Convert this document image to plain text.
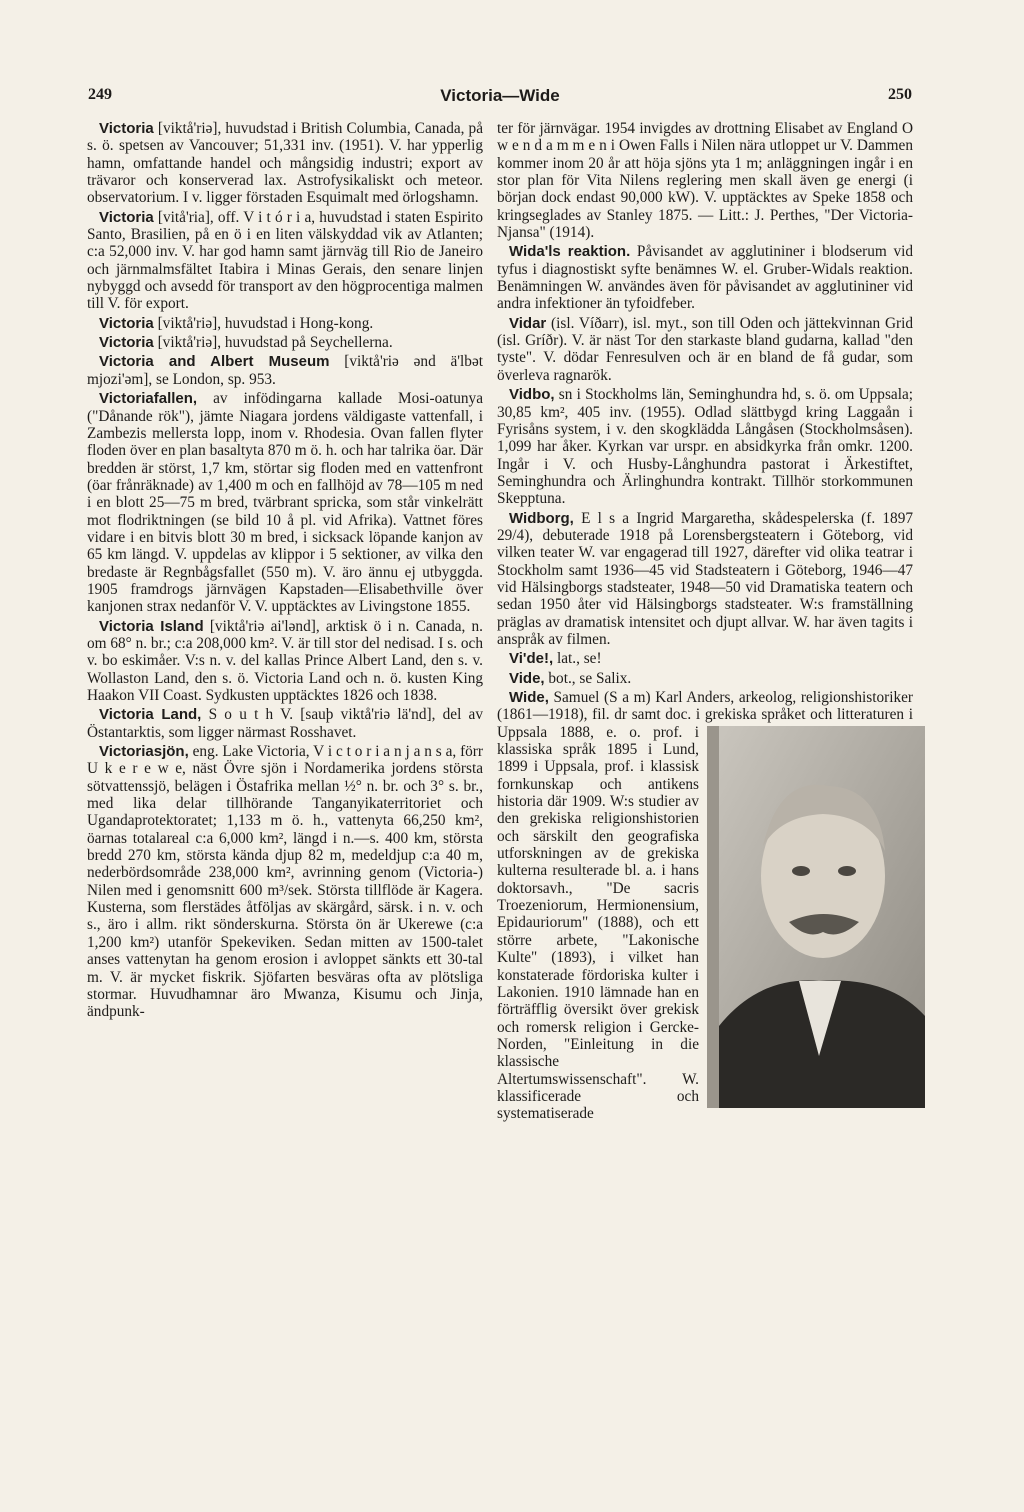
249	Victoria—Wide	250

Victoria [viktå'riə], huvudstad i British Columbia, Canada, på s. ö. spetsen av Vancouver; 51,331 inv. (1951). V. har ypperlig hamn, omfattande handel och mångsidig industri; export av trävaror och konserverad lax. Astrofysikaliskt och meteor. observatorium. I v. ligger förstaden Esquimalt med örlogshamn.

Victoria [vitå'ria], off. V i t ó r i a, huvudstad i staten Espirito Santo, Brasilien, på en ö i en liten välskyddad vik av Atlanten; c:a 52,000 inv. V. har god hamn samt järnväg till Rio de Janeiro och järnmalmsfältet Itabira i Minas Gerais, den senare linjen nybyggd och avsedd för transport av den högprocentiga malmen till V. för export.

Victoria [viktå'riə], huvudstad i Hong-kong.

Victoria [viktå'riə], huvudstad på Seychellerna.

Victoria and Albert Museum [viktå'riə ənd ä'lbət mjozi'əm], se London, sp. 953.

Victoriafallen, av infödingarna kallade Mosi-oatunya ("Dånande rök"), jämte Niagara jordens väldigaste vattenfall, i Zambezis mellersta lopp, inom v. Rhodesia. Ovan fallen flyter floden över en plan basaltyta 870 m ö. h. och har talrika öar. Där bredden är störst, 1,7 km, störtar sig floden med en vattenfront (öar frånräknade) av 1,400 m och en fallhöjd av 78—105 m ned i en blott 25—75 m bred, tvärbrant spricka, som står vinkelrätt mot flodriktningen (se bild 10 å pl. vid Afrika). Vattnet föres vidare i en bitvis blott 30 m bred, i sicksack löpande kanjon av 65 km längd. V. uppdelas av klippor i 5 sektioner, av vilka den bredaste är Regnbågsfallet (550 m). V. äro ännu ej utbyggda. 1905 framdrogs järnvägen Kapstaden—Elisabethville över kanjonen strax nedanför V. V. upptäcktes av Livingstone 1855.

Victoria Island [viktå'riə ai'lənd], arktisk ö i n. Canada, n. om 68° n. br.; c:a 208,000 km². V. är till stor del nedisad. I s. och v. bo eskimåer. V:s n. v. del kallas Prince Albert Land, den s. v. Wollaston Land, den s. ö. Victoria Land och n. ö. kusten King Haakon VII Coast. Sydkusten upptäcktes 1826 och 1838.

Victoria Land, S o u t h V. [sauþ viktå'riə lä'nd], del av Östantarktis, som ligger närmast Rosshavet.

Victoriasjön, eng. Lake Victoria, V i c t o r i a n j a n s a, förr U k e r e w e, näst Övre sjön i Nordamerika jordens största sötvattenssjö, belägen i Östafrika mellan ½° n. br. och 3° s. br., med lika delar tillhörande Tanganyikaterritoriet och Ugandaprotektoratet; 1,133 m ö. h., vattenyta 66,250 km², öarnas totalareal c:a 6,000 km², längd i n.—s. 400 km, största bredd 270 km, största kända djup 82 m, medeldjup c:a 40 m, nederbördsområde 238,000 km², avrinning genom (Victoria-) Nilen med i genomsnitt 600 m³/sek. Största tillflöde är Kagera. Kusterna, som flerstädes åtföljas av skärgård, särsk. i n. v. och s., äro i allm. rikt sönderskurna. Största ön är Ukerewe (c:a 1,200 km²) utanför Spekeviken. Sedan mitten av 1500-talet anses vattenytan ha genom erosion i avloppet sänkts ett 30-tal m. V. är mycket fiskrik. Sjöfarten besväras ofta av plötsliga stormar. Huvudhamnar äro Mwanza, Kisumu och Jinja, ändpunk-

ter för järnvägar. 1954 invigdes av drottning Elisabet av England O w e n d a m m e n i Owen Falls i Nilen nära utloppet ur V. Dammen kommer inom 20 år att höja sjöns yta 1 m; anläggningen ingår i en stor plan för Vita Nilens reglering men skall även ge energi (i början dock endast 90,000 kW). V. upptäcktes av Speke 1858 och kringseglades av Stanley 1875. — Litt.: J. Perthes, "Der Victoria-Njansa" (1914).

Wida'ls reaktion. Påvisandet av agglutininer i blodserum vid tyfus i diagnostiskt syfte benämnes W. el. Gruber-Widals reaktion. Benämningen W. användes även för påvisandet av agglutininer vid andra infektioner än tyfoidfeber.

Vidar (isl. Víðarr), isl. myt., son till Oden och jättekvinnan Grid (isl. Gríðr). V. är näst Tor den starkaste bland gudarna, kallad "den tyste". V. dödar Fenresulven och är en bland de få gudar, som överleva ragnarök.

Vidbo, sn i Stockholms län, Seminghundra hd, s. ö. om Uppsala; 30,85 km², 405 inv. (1955). Odlad slättbygd kring Laggaån i Fyrisåns system, i v. den skogklädda Långåsen (Stockholmsåsen). 1,099 har åker. Kyrkan var urspr. en absidkyrka från omkr. 1200. Ingår i V. och Husby-Långhundra pastorat i Ärkestiftet, Seminghundra och Ärlinghundra kontrakt. Tillhör storkommunen Skepptuna.

Widborg, E l s a Ingrid Margaretha, skådespelerska (f. 1897 29/4), debuterade 1918 på Lorensbergsteatern i Göteborg, vid vilken teater W. var engagerad till 1927, därefter vid olika teatrar i Stockholm samt 1936—45 vid Stadsteatern i Göteborg, 1946—47 vid Hälsingborgs stadsteater, 1948—50 vid Dramatiska teatern och sedan 1950 åter vid Hälsingborgs stadsteater. W:s framställning präglas av dramatisk intensitet och djupt allvar. W. har även tagits i anspråk av filmen.

Vi'de!, lat., se!

Vide, bot., se Salix.

Wide, Samuel (S a m) Karl Anders, arkeolog, religionshistoriker (1861—1918), fil. dr samt doc. i grekiska språket och litteraturen i Uppsala 1888,
e. o. prof. i klassiska språk 1895 i Lund, 1899 i Uppsala, prof. i klassisk fornkunskap och antikens historia där 1909. W:s studier av den grekiska religionshistorien och särskilt den geografiska utforskningen av de grekiska kulterna resulterade bl. a. i hans doktorsavh., "De sacris Troezeniorum, Hermionensium, Epidauriorum" (1888), och ett större arbete, "Lakonische Kulte" (1893), i vilket han konstaterade fördoriska kulter i Lakonien. 1910 lämnade han en förträfflig översikt över grekisk och romersk religion i Gercke-Norden, "Einleitung in die klassische Altertumswissenschaft". W. klassificerade och systematiserade
